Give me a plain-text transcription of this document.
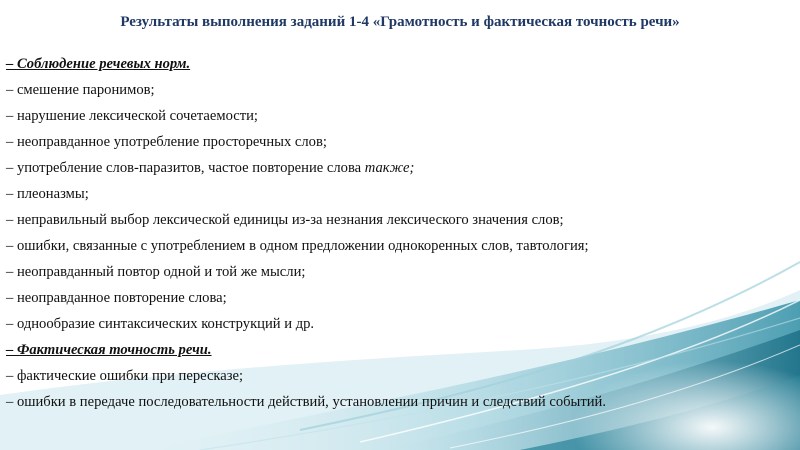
Результаты выполнения заданий 1-4 «Грамотность и фактическая точность речи»
– Соблюдение речевых норм.
– смешение паронимов;
– нарушение лексической сочетаемости;
– неоправданное употребление просторечных слов;
– употребление слов-паразитов, частое повторение слова также;
– плеоназмы;
– неправильный выбор лексической единицы из-за незнания лексического значения слов;
– ошибки, связанные с употреблением в одном предложении однокоренных слов, тавтология;
– неоправданный повтор одной и той же мысли;
– неоправданное повторение слова;
– однообразие синтаксических конструкций и др.
– Фактическая точность речи.
– фактические ошибки при пересказе;
– ошибки в передаче последовательности действий, установлении причин и следствий событий.
